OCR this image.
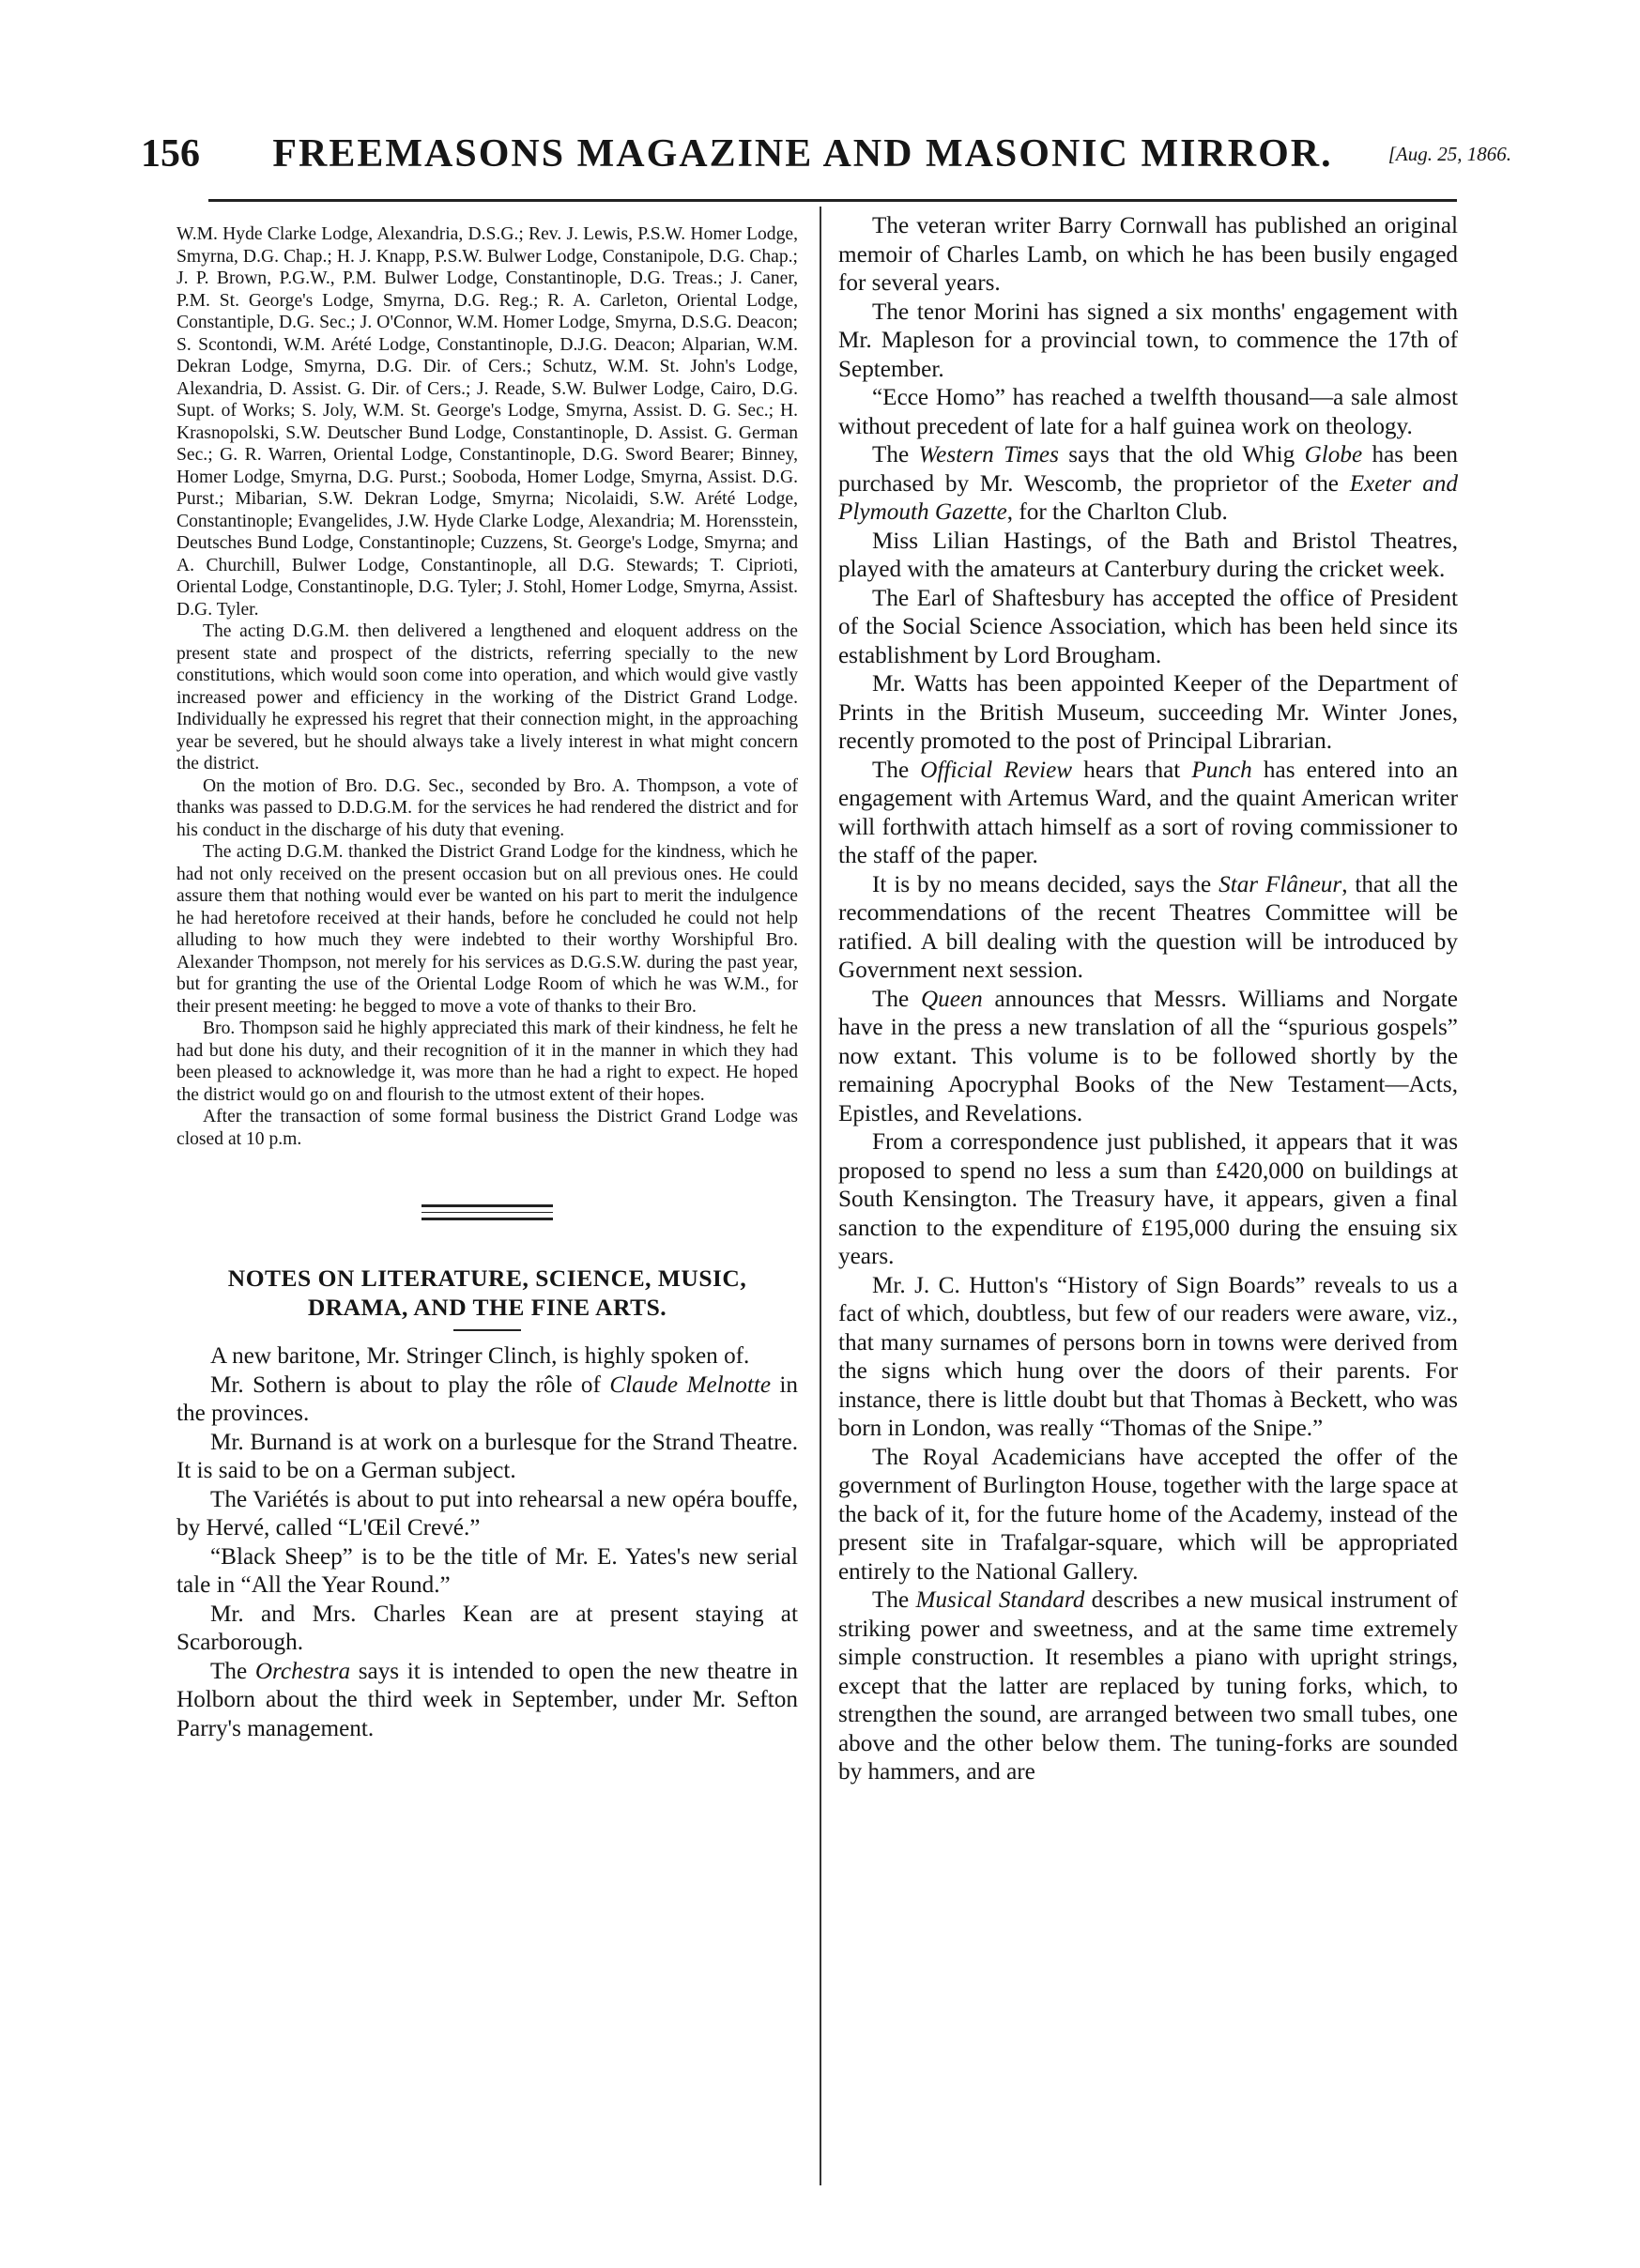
156	FREEMASONS MAGAZINE AND MASONIC MIRROR.	[Aug. 25, 1866.

W.M. Hyde Clarke Lodge, Alexandria, D.S.G.; Rev. J. Lewis, P.S.W. Homer Lodge, Smyrna, D.G. Chap.; H. J. Knapp, P.S.W. Bulwer Lodge, Constanipole, D.G. Chap.; J. P. Brown, P.G.W., P.M. Bulwer Lodge, Constantinople, D.G. Treas.; J. Caner, P.M. St. George's Lodge, Smyrna, D.G. Reg.; R. A. Carleton, Oriental Lodge, Constantiple, D.G. Sec.; J. O'Connor, W.M. Homer Lodge, Smyrna, D.S.G. Deacon; S. Scontondi, W.M. Arété Lodge, Constantinople, D.J.G. Deacon; Alparian, W.M. Dekran Lodge, Smyrna, D.G. Dir. of Cers.; Schutz, W.M. St. John's Lodge, Alexandria, D. Assist. G. Dir. of Cers.; J. Reade, S.W. Bulwer Lodge, Cairo, D.G. Supt. of Works; S. Joly, W.M. St. George's Lodge, Smyrna, Assist. D. G. Sec.; H. Krasnopolski, S.W. Deutscher Bund Lodge, Constantinople, D. Assist. G. German Sec.; G. R. Warren, Oriental Lodge, Constantinople, D.G. Sword Bearer; Binney, Homer Lodge, Smyrna, D.G. Purst.; Sooboda, Homer Lodge, Smyrna, Assist. D.G. Purst.; Mibarian, S.W. Dekran Lodge, Smyrna; Nicolaidi, S.W. Arété Lodge, Constantinople; Evangelides, J.W. Hyde Clarke Lodge, Alexandria; M. Horensstein, Deutsches Bund Lodge, Constantinople; Cuzzens, St. George's Lodge, Smyrna; and A. Churchill, Bulwer Lodge, Constantinople, all D.G. Stewards; T. Ciprioti, Oriental Lodge, Constantinople, D.G. Tyler; J. Stohl, Homer Lodge, Smyrna, Assist. D.G. Tyler.

The acting D.G.M. then delivered a lengthened and eloquent address on the present state and prospect of the districts, referring specially to the new constitutions, which would soon come into operation, and which would give vastly increased power and efficiency in the working of the District Grand Lodge. Individually he expressed his regret that their connection might, in the approaching year be severed, but he should always take a lively interest in what might concern the district.

On the motion of Bro. D.G. Sec., seconded by Bro. A. Thompson, a vote of thanks was passed to D.D.G.M. for the services he had rendered the district and for his conduct in the discharge of his duty that evening.

The acting D.G.M. thanked the District Grand Lodge for the kindness, which he had not only received on the present occasion but on all previous ones. He could assure them that nothing would ever be wanted on his part to merit the indulgence he had heretofore received at their hands, before he concluded he could not help alluding to how much they were indebted to their worthy Worshipful Bro. Alexander Thompson, not merely for his services as D.G.S.W. during the past year, but for granting the use of the Oriental Lodge Room of which he was W.M., for their present meeting: he begged to move a vote of thanks to their Bro.

Bro. Thompson said he highly appreciated this mark of their kindness, he felt he had but done his duty, and their recognition of it in the manner in which they had been pleased to acknowledge it, was more than he had a right to expect. He hoped the district would go on and flourish to the utmost extent of their hopes.

After the transaction of some formal business the District Grand Lodge was closed at 10 p.m.

NOTES ON LITERATURE, SCIENCE, MUSIC,
DRAMA, AND THE FINE ARTS.

A new baritone, Mr. Stringer Clinch, is highly spoken of.

Mr. Sothern is about to play the rôle of Claude Melnotte in the provinces.

Mr. Burnand is at work on a burlesque for the Strand Theatre. It is said to be on a German subject.

The Variétés is about to put into rehearsal a new opéra bouffe, by Hervé, called “L'Œil Crevé.”

“Black Sheep” is to be the title of Mr. E. Yates's new serial tale in “All the Year Round.”

Mr. and Mrs. Charles Kean are at present staying at Scarborough.

The Orchestra says it is intended to open the new theatre in Holborn about the third week in September, under Mr. Sefton Parry's management.

The veteran writer Barry Cornwall has published an original memoir of Charles Lamb, on which he has been busily engaged for several years.

The tenor Morini has signed a six months' engagement with Mr. Mapleson for a provincial town, to commence the 17th of September.

“Ecce Homo” has reached a twelfth thousand—a sale almost without precedent of late for a half guinea work on theology.

The Western Times says that the old Whig Globe has been purchased by Mr. Wescomb, the proprietor of the Exeter and Plymouth Gazette, for the Charlton Club.

Miss Lilian Hastings, of the Bath and Bristol Theatres, played with the amateurs at Canterbury during the cricket week.

The Earl of Shaftesbury has accepted the office of President of the Social Science Association, which has been held since its establishment by Lord Brougham.

Mr. Watts has been appointed Keeper of the Department of Prints in the British Museum, succeeding Mr. Winter Jones, recently promoted to the post of Principal Librarian.

The Official Review hears that Punch has entered into an engagement with Artemus Ward, and the quaint American writer will forthwith attach himself as a sort of roving commissioner to the staff of the paper.

It is by no means decided, says the Star Flâneur, that all the recommendations of the recent Theatres Committee will be ratified. A bill dealing with the question will be introduced by Government next session.

The Queen announces that Messrs. Williams and Norgate have in the press a new translation of all the “spurious gospels” now extant. This volume is to be followed shortly by the remaining Apocryphal Books of the New Testament—Acts, Epistles, and Revelations.

From a correspondence just published, it appears that it was proposed to spend no less a sum than £420,000 on buildings at South Kensington. The Treasury have, it appears, given a final sanction to the expenditure of £195,000 during the ensuing six years.

Mr. J. C. Hutton's “History of Sign Boards” reveals to us a fact of which, doubtless, but few of our readers were aware, viz., that many surnames of persons born in towns were derived from the signs which hung over the doors of their parents. For instance, there is little doubt but that Thomas à Beckett, who was born in London, was really “Thomas of the Snipe.”

The Royal Academicians have accepted the offer of the government of Burlington House, together with the large space at the back of it, for the future home of the Academy, instead of the present site in Trafalgar-square, which will be appropriated entirely to the National Gallery.

The Musical Standard describes a new musical instrument of striking power and sweetness, and at the same time extremely simple construction. It resembles a piano with upright strings, except that the latter are replaced by tuning forks, which, to strengthen the sound, are arranged between two small tubes, one above and the other below them. The tuning-forks are sounded by hammers, and are
